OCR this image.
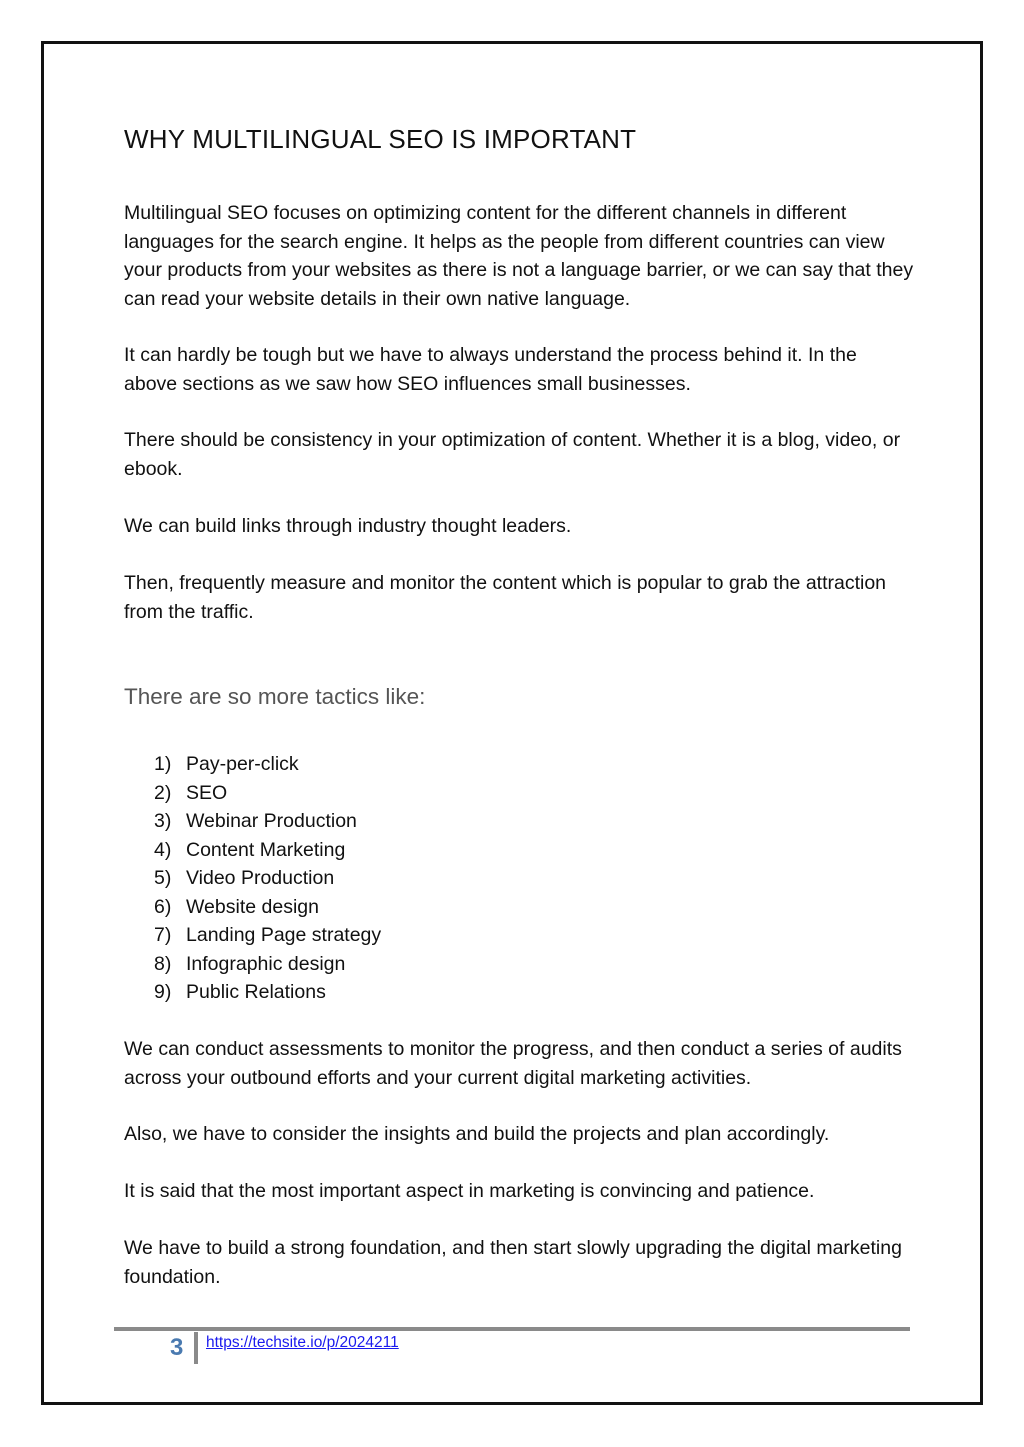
WHY MULTILINGUAL SEO IS IMPORTANT

Multilingual SEO focuses on optimizing content for the different channels in different languages for the search engine. It helps as the people from different countries can view your products from your websites as there is not a language barrier, or we can say that they can read your website details in their own native language.

It can hardly be tough but we have to always understand the process behind it. In the above sections as we saw how SEO influences small businesses.

There should be consistency in your optimization of content. Whether it is a blog, video, or ebook.

We can build links through industry thought leaders.

Then, frequently measure and monitor the content which is popular to grab the attraction from the traffic.

There are so more tactics like:
1) Pay-per-click
2) SEO
3) Webinar Production
4) Content Marketing
5) Video Production
6) Website design
7) Landing Page strategy
8) Infographic design
9) Public Relations

We can conduct assessments to monitor the progress, and then conduct a series of audits across your outbound efforts and your current digital marketing activities.

Also, we have to consider the insights and build the projects and plan accordingly.

It is said that the most important aspect in marketing is convincing and patience.

We have to build a strong foundation, and then start slowly upgrading the digital marketing foundation.

3 https://techsite.io/p/2024211
